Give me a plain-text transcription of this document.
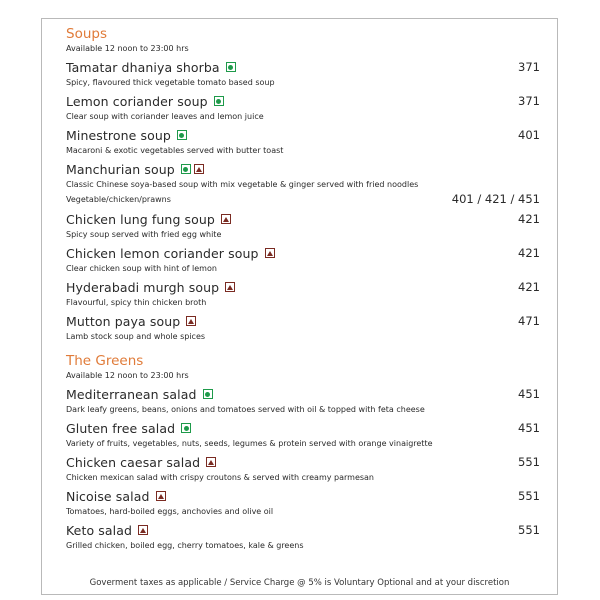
Soups
Available 12 noon to 23:00 hrs
Tamatar dhaniya shorba	371
Spicy, flavoured thick vegetable tomato based soup
Lemon coriander soup	371
Clear soup with coriander leaves and lemon juice
Minestrone soup	401
Macaroni & exotic vegetables served with butter toast
Manchurian soup
Classic Chinese soya-based soup with mix vegetable & ginger served with fried noodles
Vegetable/chicken/prawns	401 / 421 / 451
Chicken lung fung soup	421
Spicy soup served with fried egg white
Chicken lemon coriander soup	421
Clear chicken soup with hint of lemon
Hyderabadi murgh soup	421
Flavourful, spicy thin chicken broth
Mutton paya soup	471
Lamb stock soup and whole spices
The Greens
Available 12 noon to 23:00 hrs
Mediterranean salad	451
Dark leafy greens, beans, onions and tomatoes served with oil & topped with feta cheese
Gluten free salad	451
Variety of fruits, vegetables, nuts, seeds, legumes & protein served with orange vinaigrette
Chicken caesar salad	551
Chicken mexican salad with crispy croutons & served with creamy parmesan
Nicoise salad	551
Tomatoes, hard-boiled eggs, anchovies and olive oil
Keto salad	551
Grilled chicken, boiled egg, cherry tomatoes, kale & greens
Goverment taxes as applicable / Service Charge @ 5% is Voluntary Optional and at your discretion
